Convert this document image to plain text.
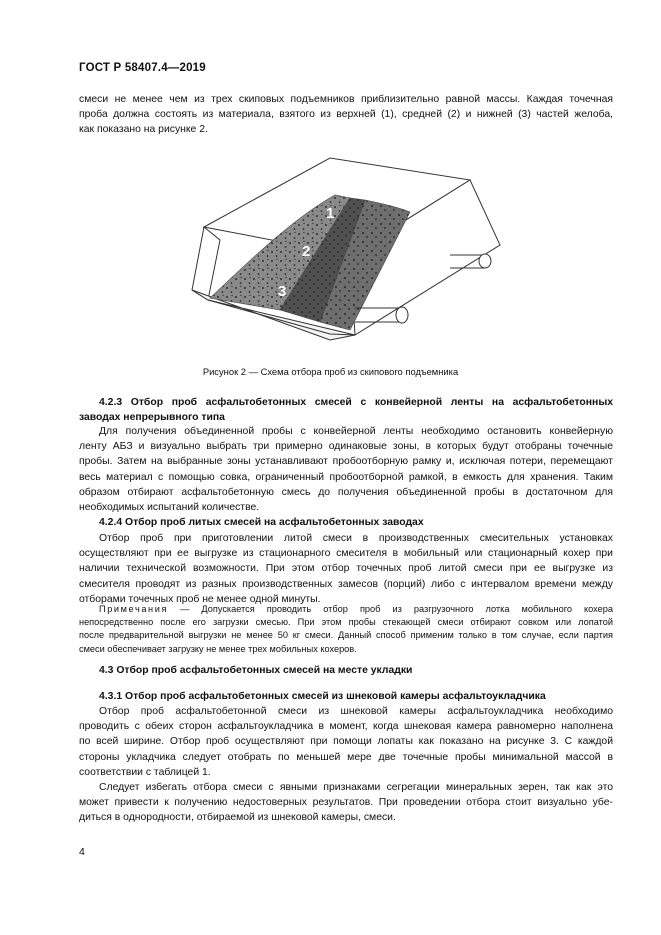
ГОСТ Р 58407.4—2019
смеси не менее чем из трех скиповых подъемников приблизительно равной массы. Каждая точечная
проба должна состоять из материала, взятого из верхней (1), средней (2) и нижней (3) частей желоба,
как показано на рисунке 2.
1
2
3
Рисунок 2 — Схема отбора проб из скипового подъемника
4.2.3 Отбор проб асфальтобетонных смесей с конвейерной ленты на асфальтобетонных
заводах непрерывного типа
Для получения объединенной пробы с конвейерной ленты необходимо остановить конвейерную
ленту АБЗ и визуально выбрать три примерно одинаковые зоны, в которых будут отобраны точечные
пробы. Затем на выбранные зоны устанавливают пробоотборную рамку и, исключая потери, перемещают
весь материал с помощью совка, ограниченный пробоотборной рамкой, в емкость для хранения. Таким
образом отбирают асфальтобетонную смесь до получения объединенной пробы в достаточном для
необходимых испытаний количестве.
4.2.4 Отбор проб литых смесей на асфальтобетонных заводах
Отбор проб при приготовлении литой смеси в производственных смесительных установках
осуществляют при ее выгрузке из стационарного смесителя в мобильный или стационарный кохер при
наличии технической возможности. При этом отбор точечных проб литой смеси при ее выгрузке из
смесителя проводят из разных производственных замесов (порций) либо с интервалом времени между
отборами точечных проб не менее одной минуты.
Примечания — Допускается проводить отбор проб из разгрузочного лотка мобильного кохера
непосредственно после его загрузки смесью. При этом пробы стекающей смеси отбирают совком или лопатой
после предварительной выгрузки не менее 50 кг смеси. Данный способ применим только в том случае, если партия
смеси обеспечивает загрузку не менее трех мобильных кохеров.
4.3 Отбор проб асфальтобетонных смесей на месте укладки
4.3.1 Отбор проб асфальтобетонных смесей из шнековой камеры асфальтоукладчика
Отбор проб асфальтобетонной смеси из шнековой камеры асфальтоукладчика необходимо
проводить с обеих сторон асфальтоукладчика в момент, когда шнековая камера равномерно наполнена
по всей ширине. Отбор проб осуществляют при помощи лопаты как показано на рисунке 3. С каждой
стороны укладчика следует отобрать по меньшей мере две точечные пробы минимальной массой в
соответствии с таблицей 1.
Следует избегать отбора смеси с явными признаками сегрегации минеральных зерен, так как это
может привести к получению недостоверных результатов. При проведении отбора стоит визуально убе-
диться в однородности, отбираемой из шнековой камеры, смеси.
4
